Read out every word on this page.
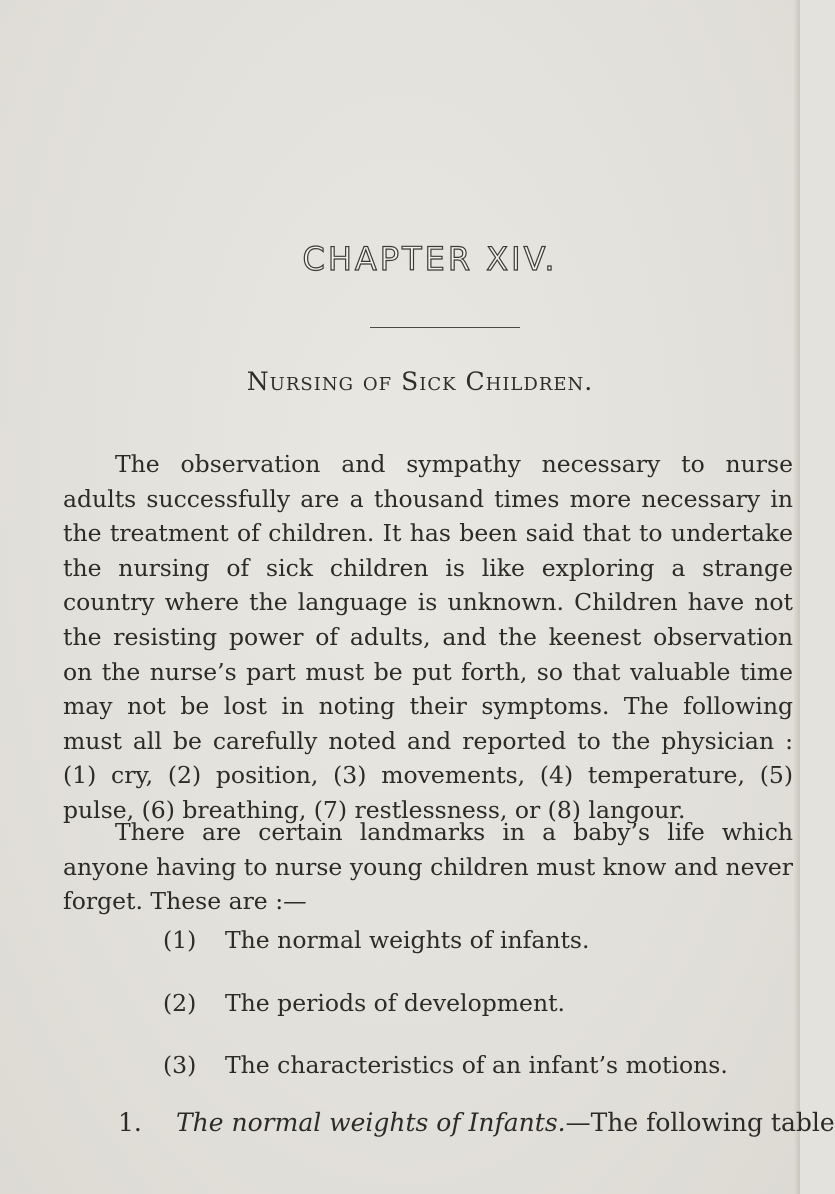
CHAPTER XIV.
Nursing of Sick Children.
The observation and sympathy necessary to nurse adults successfully are a thousand times more necessary in the treatment of children. It has been said that to undertake the nursing of sick children is like exploring a strange country where the language is unknown. Children have not the resisting power of adults, and the keenest observation on the nurse’s part must be put forth, so that valuable time may not be lost in noting their symptoms. The following must all be carefully noted and reported to the physician : (1) cry, (2) position, (3) movements, (4) temperature, (5) pulse, (6) breathing, (7) restlessness, or (8) langour.
There are certain landmarks in a baby’s life which anyone having to nurse young children must know and never forget. These are :—
(1) The normal weights of infants.
(2) The periods of development.
(3) The characteristics of an infant’s motions.
1. The normal weights of Infants.—The following table
